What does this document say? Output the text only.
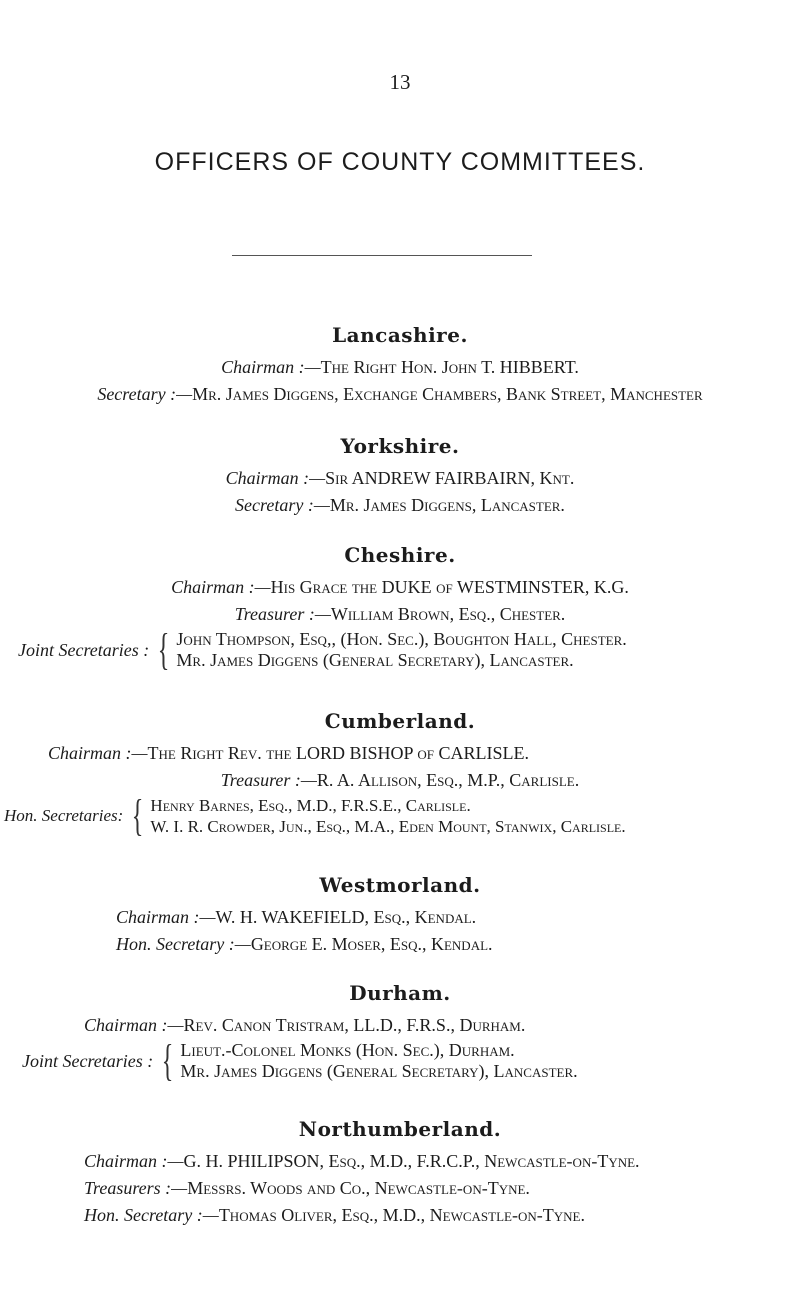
13
OFFICERS OF COUNTY COMMITTEES.
Lancashire.
Chairman :—The Right Hon. John T. HIBBERT.
Secretary :—Mr. James Diggens, Exchange Chambers, Bank Street, Manchester
Yorkshire.
Chairman :—Sir ANDREW FAIRBAIRN, Knt.
Secretary :—Mr. James Diggens, Lancaster.
Cheshire.
Chairman :—His Grace the DUKE of WESTMINSTER, K.G.
Treasurer :—William Brown, Esq., Chester.
Joint Secretaries : { John Thompson, Esq,, (Hon. Sec.), Boughton Hall, Chester.
Mr. James Diggens (General Secretary), Lancaster.
Cumberland.
Chairman :—The Right Rev. the LORD BISHOP of CARLISLE.
Treasurer :—R. A. Allison, Esq., M.P., Carlisle.
Hon. Secretaries: { Henry Barnes, Esq., M.D., F.R.S.E., Carlisle.
W. I. R. Crowder, Jun., Esq., M.A., Eden Mount, Stanwix, Carlisle.
Westmorland.
Chairman :—W. H. WAKEFIELD, Esq., Kendal.
Hon. Secretary :—George E. Moser, Esq., Kendal.
Durham.
Chairman :—Rev. Canon Tristram, LL.D., F.R.S., Durham.
Joint Secretaries : { Lieut.-Colonel Monks (Hon. Sec.), Durham.
Mr. James Diggens (General Secretary), Lancaster.
Northumberland.
Chairman :—G. H. PHILIPSON, Esq., M.D., F.R.C.P., Newcastle-on-Tyne.
Treasurers :—Messrs. Woods and Co., Newcastle-on-Tyne.
Hon. Secretary :—Thomas Oliver, Esq., M.D., Newcastle-on-Tyne.
